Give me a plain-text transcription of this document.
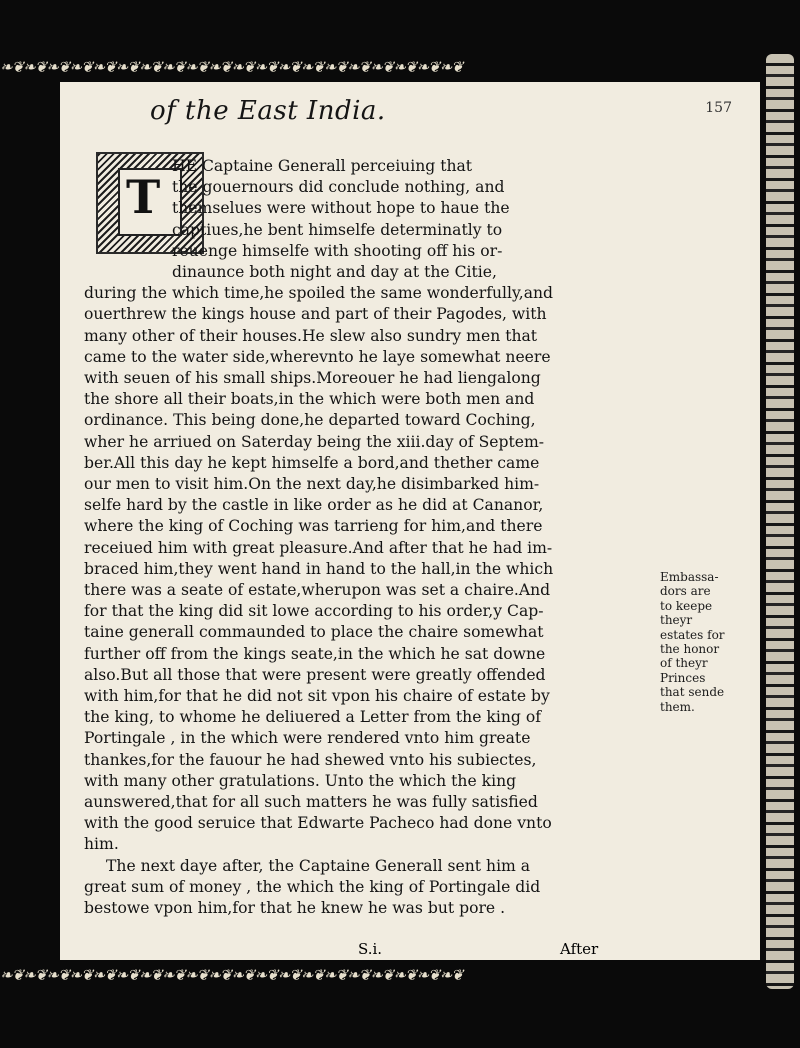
❧❦❧❦❧❦❧❦❧❦❧❦❧❦❧❦❧❦❧❦❧❦❧❦❧❦❧❦❧❦❧❦❧❦❧❦❧❦❧❦
❧❦❧❦❧❦❧❦❧❦❧❦❧❦❧❦❧❦❧❦❧❦❧❦❧❦❧❦❧❦❧❦❧❦❧❦❧❦❧❦
of the East India.	157
T
HE Captaine Generall perceiuing that
the gouernours did conclude nothing, and
themselues were without hope to haue the
captiues,he bent himselfe determinatly to
reuenge himselfe with shooting off his or-
dinaunce both night and day at the Citie,
during the which time,he spoiled the same wonderfully,and
ouerthrew the kings house and part of their Pagodes, with
many other of their houses.He slew also sundry men that
came to the water side,wherevnto he laye somewhat neere
with seuen of his small ships.Moreouer he had liengalong
the shore all their boats,in the which were both men and
ordinance. This being done,he departed toward Coching,
wher he arriued on Saterday being the xiii.day of Septem-
ber.All this day he kept himselfe a bord,and thether came
our men to visit him.On the next day,he disimbarked him-
selfe hard by the castle in like order as he did at Cananor,
where the king of Coching was tarrieng for him,and there
receiued him with great pleasure.And after that he had im-
braced him,they went hand in hand to the hall,in the which
there was a seate of estate,wherupon was set a chaire.And
for that the king did sit lowe according to his order,y Cap-
taine generall commaunded to place the chaire somewhat
further off from the kings seate,in the which he sat downe
also.But all those that were present were greatly offended
with him,for that he did not sit vpon his chaire of estate by
the king, to whome he deliuered a Letter from the king of
Portingale , in the which were rendered vnto him greate
thankes,for the fauour he had shewed vnto his subiectes,
with many other gratulations. Unto the which the king
aunswered,that for all such matters he was fully satisfied
with the good seruice that Edwarte Pacheco had done vnto
him.
The next daye after, the Captaine Generall sent him a
great sum of money , the which the king of Portingale did
bestowe vpon him,for that he knew he was but pore .
Embassa-
dors are
to keepe
theyr
estates for
the honor
of theyr
Princes
that sende
them.
S.i.	After
